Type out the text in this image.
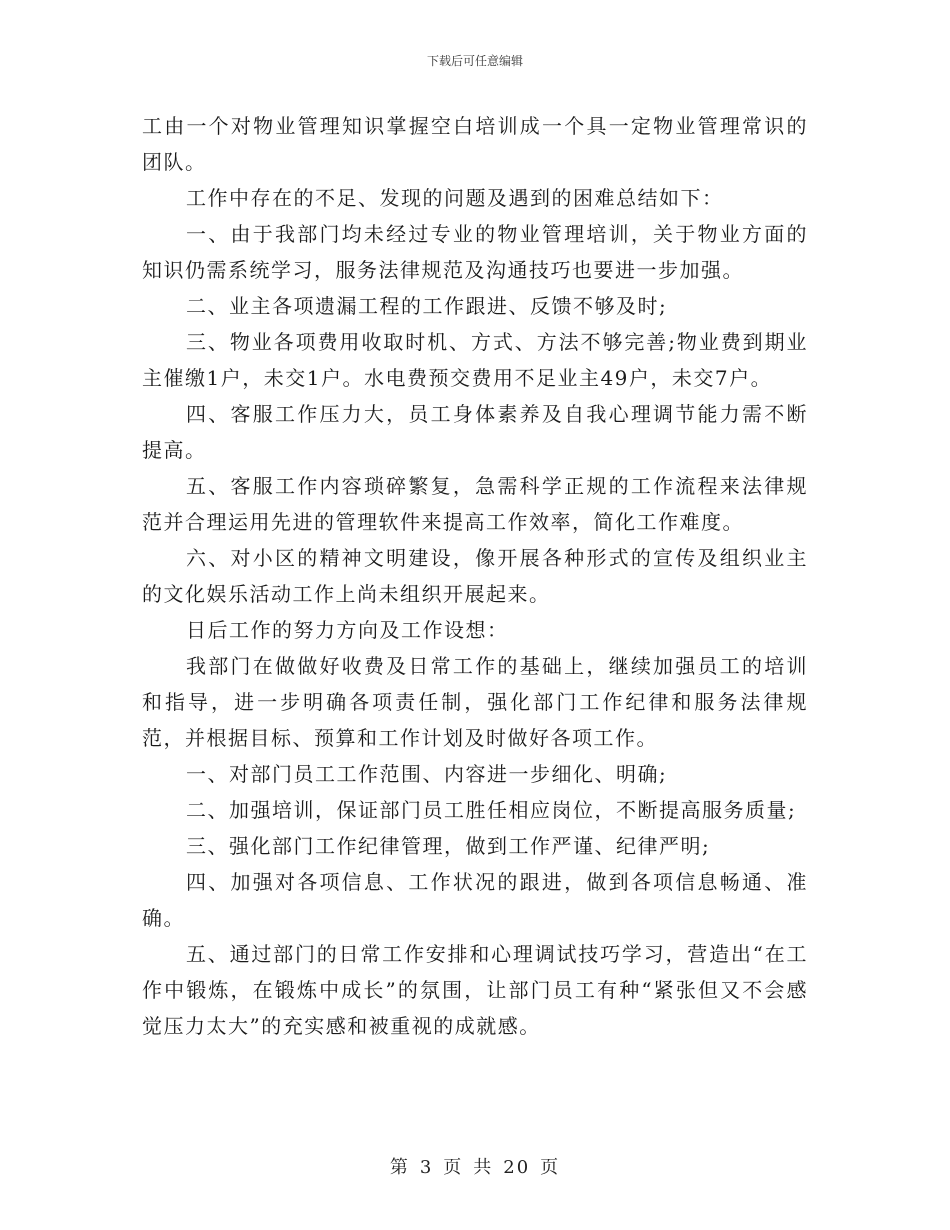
下载后可任意编辑

工由一个对物业管理知识掌握空白培训成一个具一定物业管理常识的团队。

工作中存在的不足、发现的问题及遇到的困难总结如下：

一、由于我部门均未经过专业的物业管理培训，关于物业方面的知识仍需系统学习，服务法律规范及沟通技巧也要进一步加强。

二、业主各项遗漏工程的工作跟进、反馈不够及时;

三、物业各项费用收取时机、方式、方法不够完善;物业费到期业主催缴1户，未交1户。水电费预交费用不足业主49户，未交7户。

四、客服工作压力大，员工身体素养及自我心理调节能力需不断提高。

五、客服工作内容琐碎繁复，急需科学正规的工作流程来法律规范并合理运用先进的管理软件来提高工作效率，简化工作难度。

六、对小区的精神文明建设，像开展各种形式的宣传及组织业主的文化娱乐活动工作上尚未组织开展起来。

日后工作的努力方向及工作设想：

我部门在做做好收费及日常工作的基础上，继续加强员工的培训和指导，进一步明确各项责任制，强化部门工作纪律和服务法律规范，并根据目标、预算和工作计划及时做好各项工作。

一、对部门员工工作范围、内容进一步细化、明确;

二、加强培训，保证部门员工胜任相应岗位，不断提高服务质量;

三、强化部门工作纪律管理，做到工作严谨、纪律严明;

四、加强对各项信息、工作状况的跟进，做到各项信息畅通、准确。

五、通过部门的日常工作安排和心理调试技巧学习，营造出“在工作中锻炼，在锻炼中成长”的氛围，让部门员工有种“紧张但又不会感觉压力太大”的充实感和被重视的成就感。

第 3 页 共 20 页
